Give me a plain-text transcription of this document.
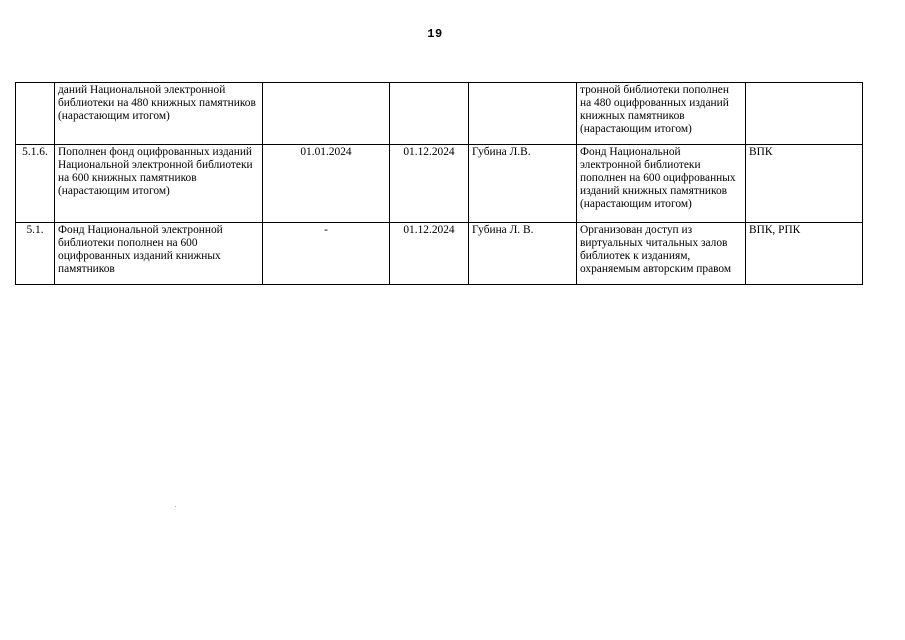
19
	даний Национальной электронной библиотеки на 480 книжных памятников (нарастающим итогом)				тронной библиотеки пополнен на 480 оцифрованных изданий книжных памятников (нарастающим итогом)	
5.1.6.	Пополнен фонд оцифрованных изданий Национальной электронной библиотеки на 600 книжных памятников (нарастающим итогом)	01.01.2024	01.12.2024	Губина Л.В.	Фонд Национальной электронной библиотеки пополнен на 600 оцифрованных изданий книжных памятников (нарастающим итогом)	ВПК
5.1.	Фонд Национальной электронной библиотеки пополнен на 600 оцифрованных изданий книжных памятников	-	01.12.2024	Губина Л. В.	Организован доступ из виртуальных читальных залов библиотек к изданиям, охраняемым авторским правом	ВПК, РПК
